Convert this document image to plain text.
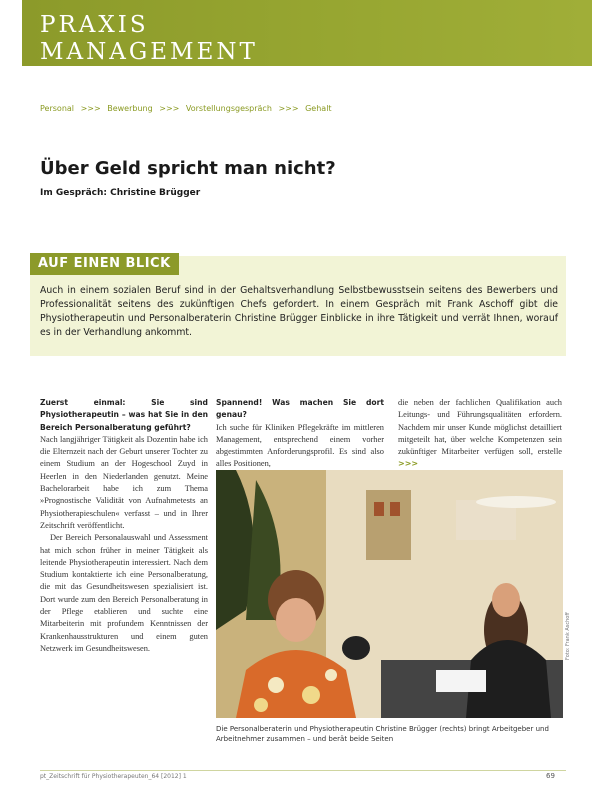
PRAXIS
MANAGEMENT
Personal >>> Bewerbung >>> Vorstellungsgespräch >>> Gehalt
Über Geld spricht man nicht?
Im Gespräch: Christine Brügger
AUF EINEN BLICK
Auch in einem sozialen Beruf sind in der Gehaltsverhandlung Selbstbewusstsein seitens des Bewerbers und Professionalität seitens des zukünftigen Chefs gefordert. In einem Gespräch mit Frank Aschoff gibt die Physiotherapeutin und Personalberaterin Christine Brügger Einblicke in ihre Tätigkeit und verrät Ihnen, worauf es in der Verhandlung ankommt.

Zuerst einmal: Sie sind Physiotherapeutin – was hat Sie in den Bereich Personalberatung geführt?

Nach langjähriger Tätigkeit als Dozentin habe ich die Elternzeit nach der Geburt unserer Tochter zu einem Studium an der Hogeschool Zuyd in Heerlen in den Niederlanden genutzt. Meine Bachelorarbeit habe ich zum Thema »Prognostische Validität von Aufnahmetests an Physiotherapieschulen« verfasst – und in Ihrer Zeitschrift veröffentlicht.

Der Bereich Personalauswahl und Assessment hat mich schon früher in meiner Tätigkeit als leitende Physiotherapeutin interessiert. Nach dem Studium kontaktierte ich eine Personalberatung, die mit das Gesundheitswesen spezialisiert ist. Dort wurde zum den Bereich Personalberatung in der Pflege etablieren und suchte eine Mitarbeiterin mit profundem Kenntnissen der Krankenhausstrukturen und einem guten Netzwerk im Gesundheitswesen.

Spannend! Was machen Sie dort genau?

Ich suche für Kliniken Pflegekräfte im mittleren Management, entsprechend einem vorher abgestimmten Anforderungsprofil. Es sind also alles Positionen,

die neben der fachlichen Qualifikation auch Leitungs- und Führungsqualitäten erfordern. Nachdem mir unser Kunde möglichst detailliert mitgeteilt hat, über welche Kompetenzen sein zukünftiger Mitarbeiter verfügen soll, erstelle >>>

Foto: Frank Aschoff
Die Personalberaterin und Physiotherapeutin Christine Brügger (rechts) bringt Arbeitgeber und Arbeitnehmer zusammen – und berät beide Seiten
pt_Zeitschrift für Physiotherapeuten_64 [2012] 1	69
